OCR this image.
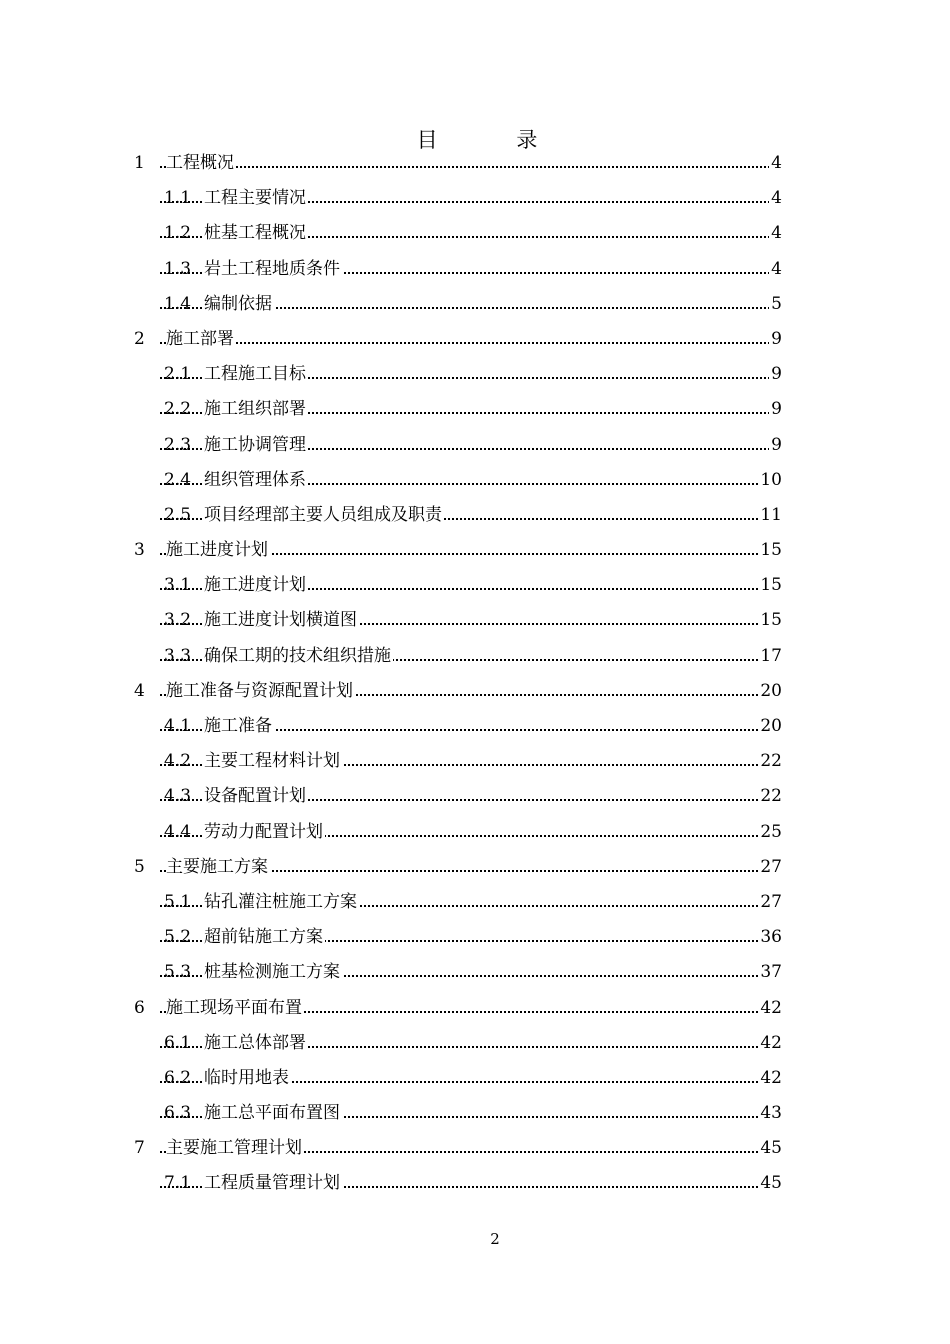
目 录
1 工程概况	4
1.1 工程主要情况	4
1.2 桩基工程概况	4
1.3 岩土工程地质条件	4
1.4 编制依据	5
2 施工部署	9
2.1 工程施工目标	9
2.2 施工组织部署	9
2.3 施工协调管理	9
2.4 组织管理体系	10
2.5 项目经理部主要人员组成及职责	11
3 施工进度计划	15
3.1 施工进度计划	15
3.2 施工进度计划横道图	15
3.3 确保工期的技术组织措施	17
4 施工准备与资源配置计划	20
4.1 施工准备	20
4.2 主要工程材料计划	22
4.3 设备配置计划	22
4.4 劳动力配置计划	25
5 主要施工方案	27
5.1 钻孔灌注桩施工方案	27
5.2 超前钻施工方案	36
5.3 桩基检测施工方案	37
6 施工现场平面布置	42
6.1 施工总体部署	42
6.2 临时用地表	42
6.3 施工总平面布置图	43
7 主要施工管理计划	45
7.1 工程质量管理计划	45
2
